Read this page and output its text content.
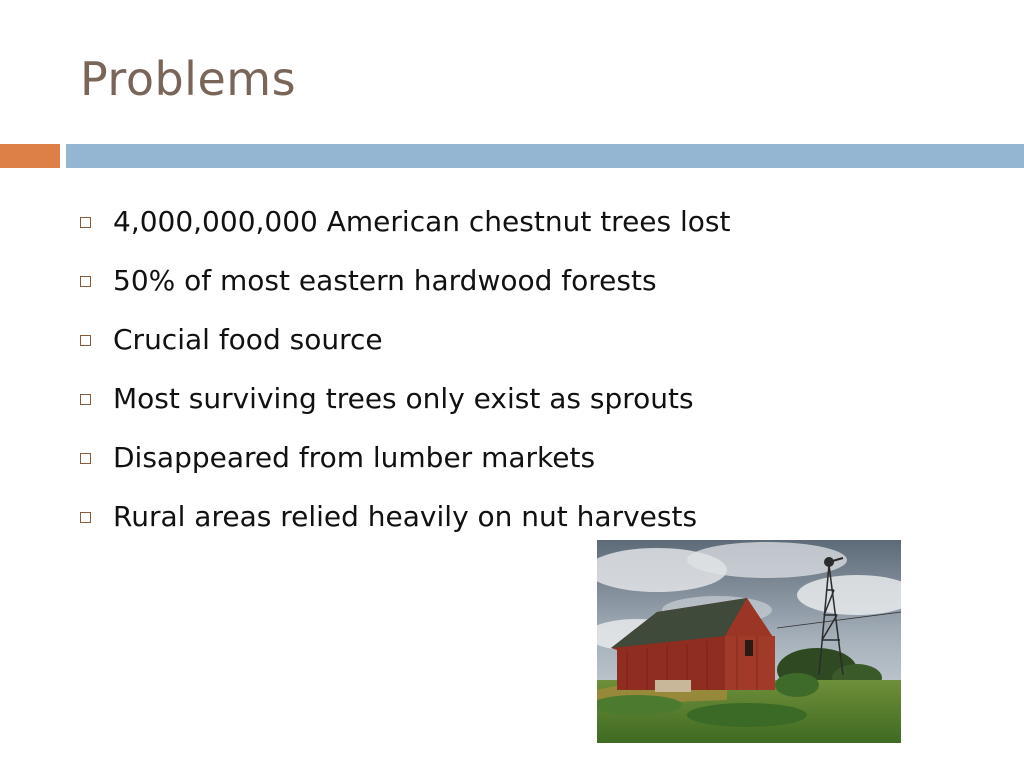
Problems
4,000,000,000 American chestnut trees lost
50% of most eastern hardwood forests
Crucial food source
Most surviving trees only exist as sprouts
Disappeared from lumber markets
Rural areas relied heavily on nut harvests
